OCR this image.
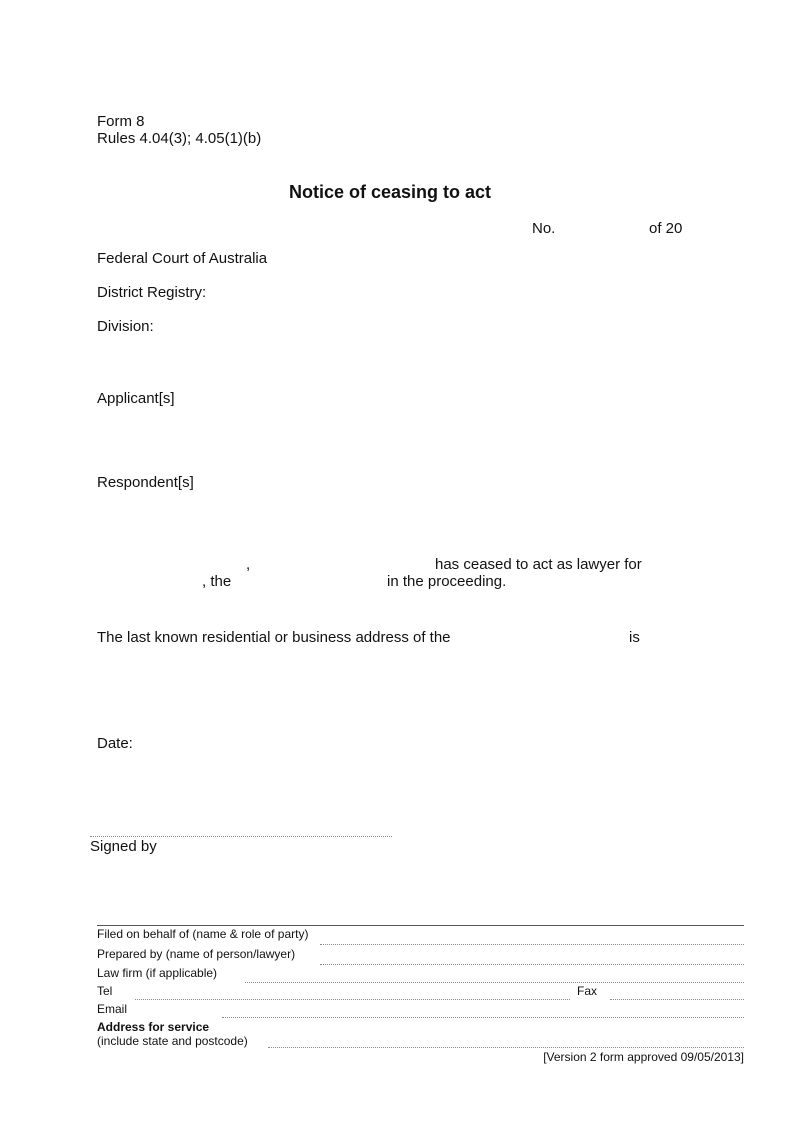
Form 8
Rules 4.04(3); 4.05(1)(b)
Notice of ceasing to act
No.	of 20
Federal Court of Australia
District Registry:
Division:
Applicant[s]
Respondent[s]
,	has ceased to act as lawyer for
, the	in the proceeding.
The last known residential or business address of the	is
Date:
Signed by
Filed on behalf of (name & role of party)
Prepared by (name of person/lawyer)
Law firm (if applicable)
Tel	Fax
Email
Address for service
(include state and postcode)
[Version 2 form approved 09/05/2013]
